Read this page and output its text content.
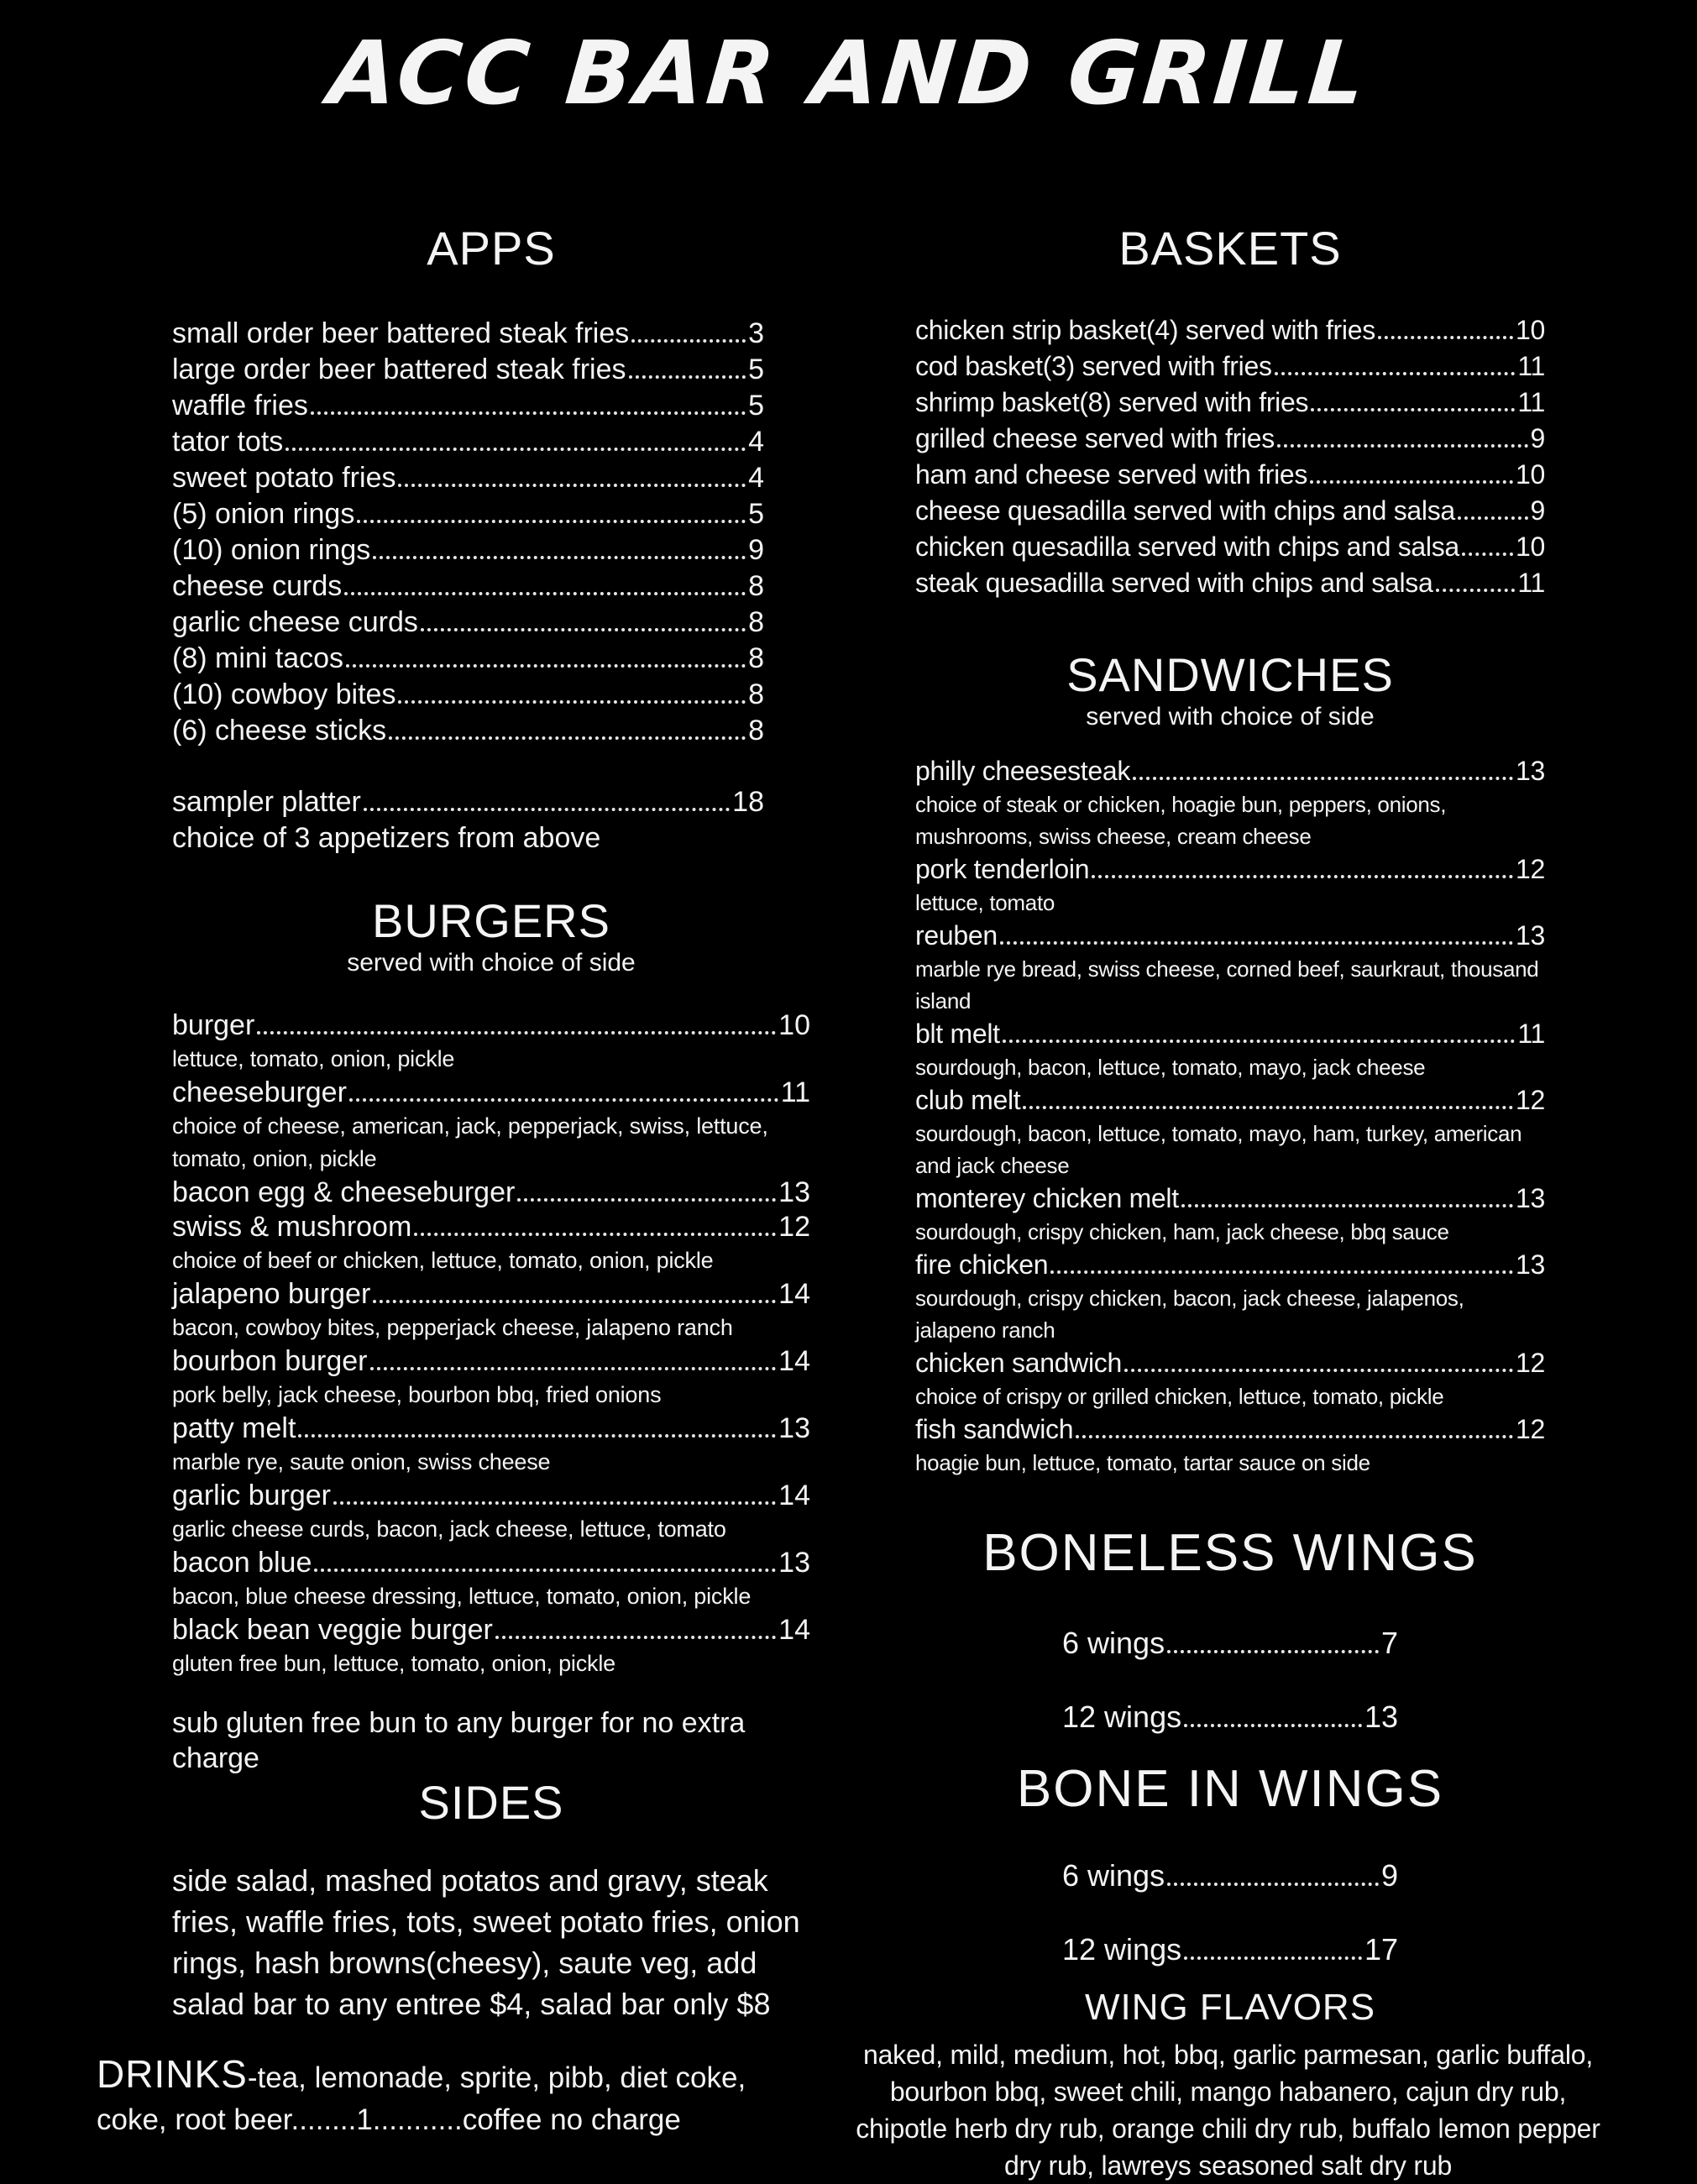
ACC BAR AND GRILL
APPS
small order beer battered steak fries	3
large order beer battered steak fries	5
waffle fries	5
tator tots	4
sweet potato fries	4
(5) onion rings	5
(10) onion rings	9
cheese curds	8
garlic cheese curds	8
(8) mini tacos	8
(10) cowboy bites	8
(6) cheese sticks	8
sampler platter	18
choice of 3 appetizers from above
BURGERS

served with choice of side

burger	10
lettuce, tomato, onion, pickle
cheeseburger	11
choice of cheese, american, jack, pepperjack, swiss, lettuce, tomato, onion, pickle
bacon egg & cheeseburger	13
swiss & mushroom	12
choice of beef or chicken, lettuce, tomato, onion, pickle
jalapeno burger	14
bacon, cowboy bites, pepperjack cheese, jalapeno ranch
bourbon burger	14
pork belly, jack cheese, bourbon bbq, fried onions
patty melt	13
marble rye, saute onion, swiss cheese
garlic burger	14
garlic cheese curds, bacon, jack cheese, lettuce, tomato
bacon blue	13
bacon, blue cheese dressing, lettuce, tomato, onion, pickle
black bean veggie burger	14
gluten free bun, lettuce, tomato, onion, pickle
sub gluten free bun to any burger for no extra charge
SIDES

side salad, mashed potatos and gravy, steak fries, waffle fries, tots, sweet potato fries, onion rings, hash browns(cheesy), saute veg, add salad bar to any entree $4, salad bar only $8

DRINKS-tea, lemonade, sprite, pibb, diet coke, coke, root beer........1...........coffee no charge

BASKETS
chicken strip basket(4) served with fries	10
cod basket(3) served with fries	11
shrimp basket(8) served with fries	11
grilled cheese served with fries	9
ham and cheese served with fries	10
cheese quesadilla served with chips and salsa	9
chicken quesadilla served with chips and salsa 10
steak quesadilla served with chips and salsa	11
SANDWICHES

served with choice of side

philly cheesesteak	13
choice of steak or chicken, hoagie bun, peppers, onions, mushrooms, swiss cheese, cream cheese
pork tenderloin	12
lettuce, tomato
reuben	13
marble rye bread, swiss cheese, corned beef, saurkraut, thousand island
blt melt	11
sourdough, bacon, lettuce, tomato, mayo, jack cheese
club melt	12
sourdough, bacon, lettuce, tomato, mayo, ham, turkey, american and jack cheese
monterey chicken melt	13
sourdough, crispy chicken, ham, jack cheese, bbq sauce
fire chicken	13
sourdough, crispy chicken, bacon, jack cheese, jalapenos, jalapeno ranch
chicken sandwich	12
choice of crispy or grilled chicken, lettuce, tomato, pickle
fish sandwich	12
hoagie bun, lettuce, tomato, tartar sauce on side
BONELESS WINGS
6 wings	7
12 wings	13
BONE IN WINGS
6 wings	9
12 wings	17
WING FLAVORS

naked, mild, medium, hot, bbq, garlic parmesan, garlic buffalo, bourbon bbq, sweet chili, mango habanero, cajun dry rub, chipotle herb dry rub, orange chili dry rub, buffalo lemon pepper dry rub, lawreys seasoned salt dry rub
